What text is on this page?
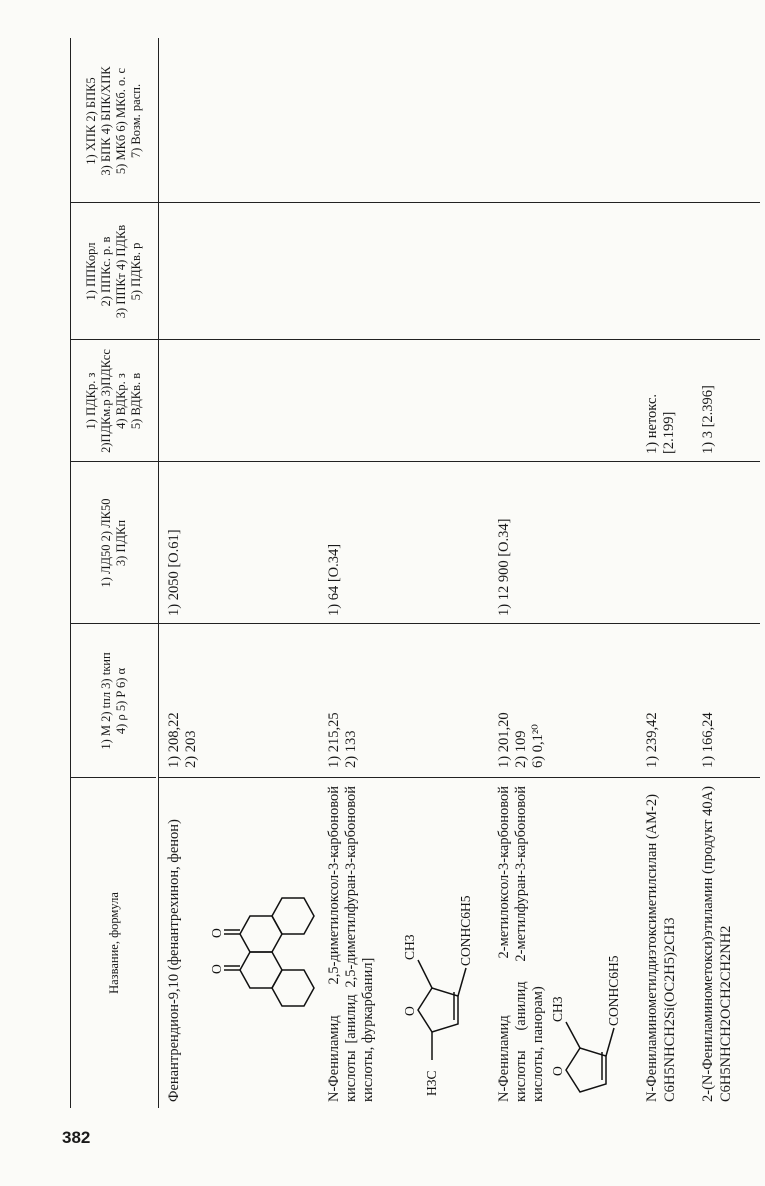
382
Название, формула
1) M 2) tпл 3) tкип 4) ρ 5) P 6) α
1) ЛД50 2) ЛК50 3) ПДКп
1) ПДКр. з 2)ПДКм.р 3)ПДКсс 4) ВДКр. з 5) ВДКв. в
1) ППКорл 2) ППКс. р. в 3) ППКт 4) ПДКв 5) ПДКв. р
1) ХПК 2) БПК5 3) БПК 4) БПК/ХПК 5) МКб 6) МКб. о. с 7) Возм. расп.
Фенантрендион-9,10 (фенантрехинон, фенон) O
O
1) 208,22 2) 203
1) 2050 [O.61]
N-Фениламид 2,5-диметилоксол-3-карбоновой кислоты [анилид 2,5-диметилфуран-3-карбоновой кислоты, фуркарбанил] O
CH3
H3C
CONHC6H5
1) 215,25 2) 133
1) 64 [O.34]
N-Фениламид 2-метилоксол-3-карбоновой кислоты (анилид 2-метилфуран-3-карбоновой кислоты, панорам) O
CH3	CONHC6H5
1) 201,20 2) 109 6) 0,1²⁰
1) 12 900 [O.34]
N-Фениламинометилдиэтоксиметилсилан (АМ-2) C6H5NHCH2Si(OC2H5)2CH3
1) 239,42
1) нетокс. [2.199]
2-(N-Фениламинометокси)этиламин (продукт 40А) C6H5NHCH2OCH2CH2NH2
1) 166,24
1) 3 [2.396]
